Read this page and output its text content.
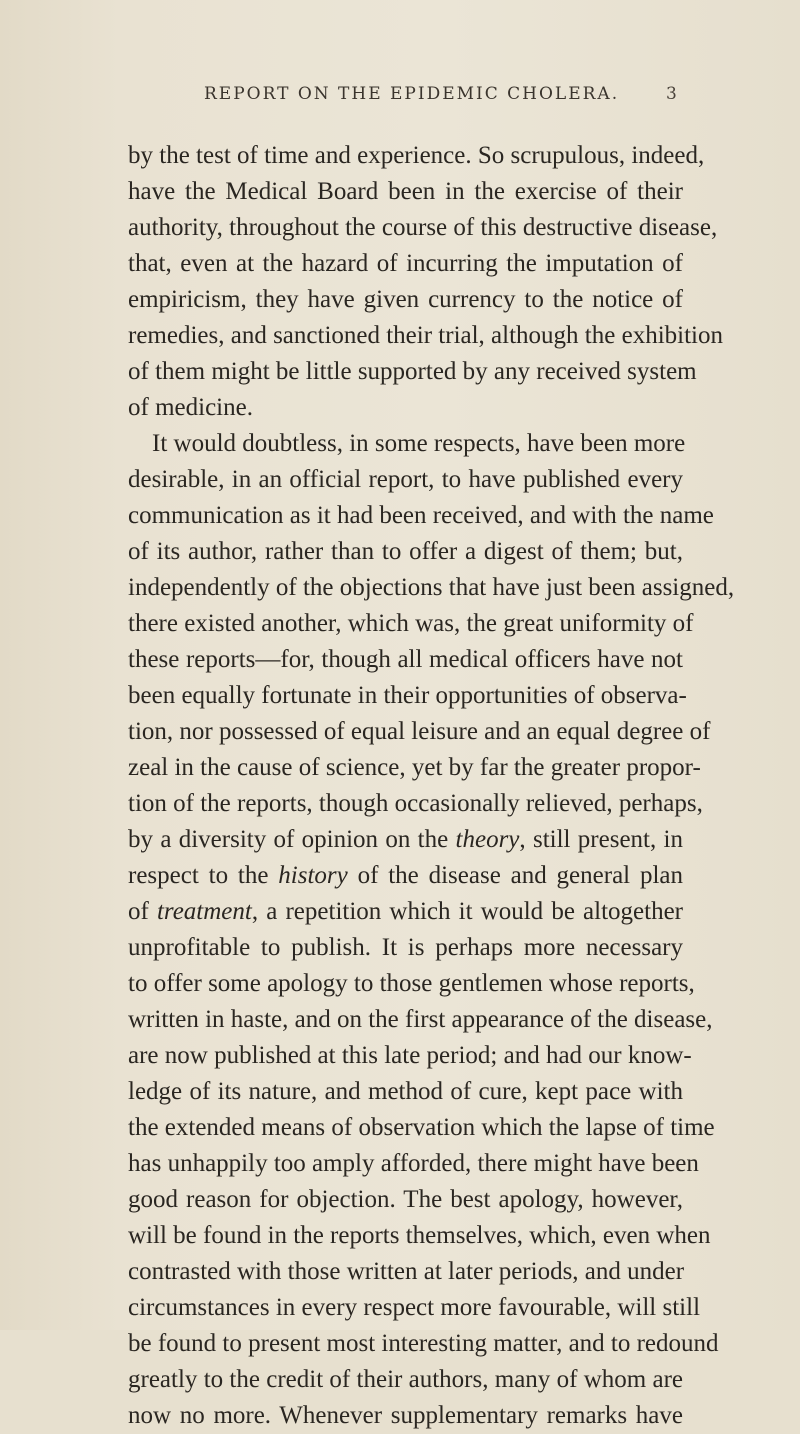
REPORT ON THE EPIDEMIC CHOLERA.	3
by the test of time and experience. So scrupulous, indeed,
have the Medical Board been in the exercise of their
authority, throughout the course of this destructive disease,
that, even at the hazard of incurring the imputation of
empiricism, they have given currency to the notice of
remedies, and sanctioned their trial, although the exhibition
of them might be little supported by any received system
of medicine.
It would doubtless, in some respects, have been more
desirable, in an official report, to have published every
communication as it had been received, and with the name
of its author, rather than to offer a digest of them; but,
independently of the objections that have just been assigned,
there existed another, which was, the great uniformity of
these reports—for, though all medical officers have not
been equally fortunate in their opportunities of observa-
tion, nor possessed of equal leisure and an equal degree of
zeal in the cause of science, yet by far the greater propor-
tion of the reports, though occasionally relieved, perhaps,
by a diversity of opinion on the theory, still present, in
respect to the history of the disease and general plan
of treatment, a repetition which it would be altogether
unprofitable to publish. It is perhaps more necessary
to offer some apology to those gentlemen whose reports,
written in haste, and on the first appearance of the disease,
are now published at this late period; and had our know-
ledge of its nature, and method of cure, kept pace with
the extended means of observation which the lapse of time
has unhappily too amply afforded, there might have been
good reason for objection. The best apology, however,
will be found in the reports themselves, which, even when
contrasted with those written at later periods, and under
circumstances in every respect more favourable, will still
be found to present most interesting matter, and to redound
greatly to the credit of their authors, many of whom are
now no more. Whenever supplementary remarks have
